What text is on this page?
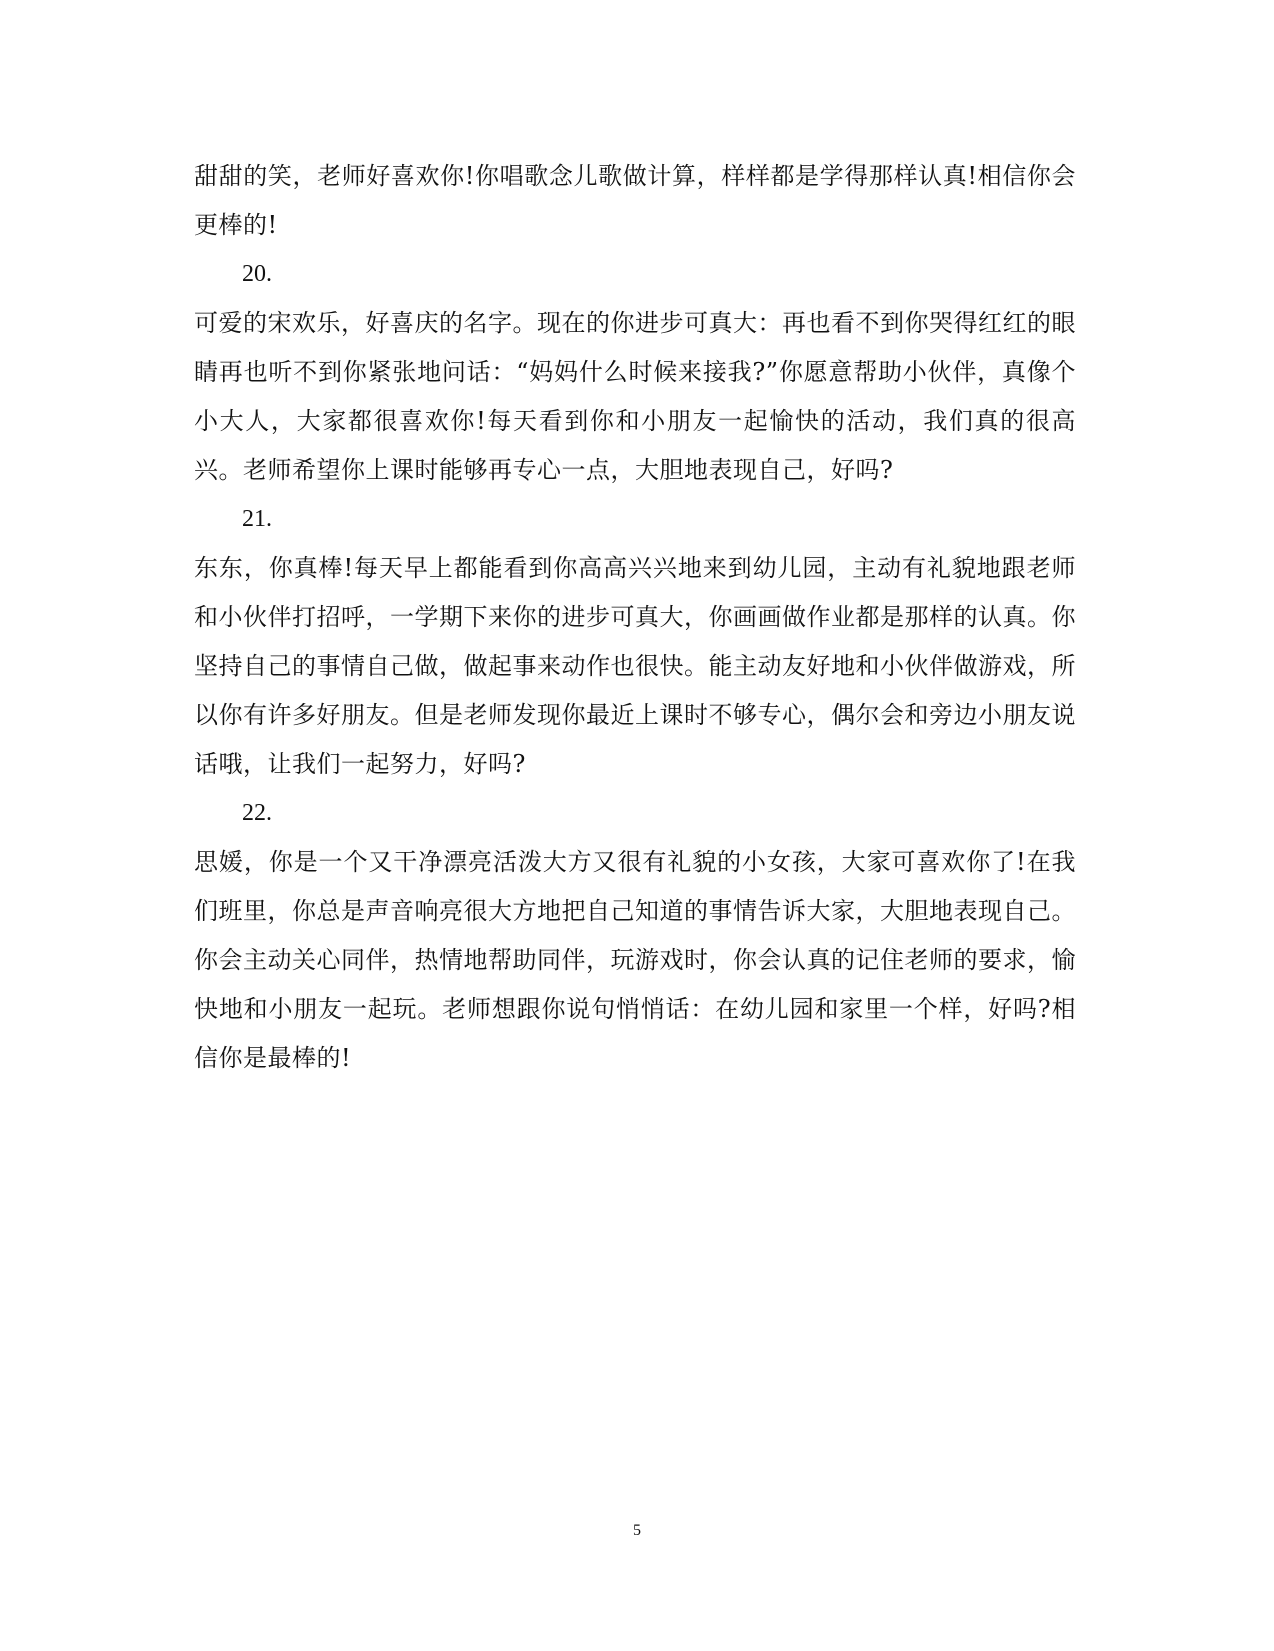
甜甜的笑，老师好喜欢你!你唱歌念儿歌做计算，样样都是学得那样认真!相信你会更棒的!

20.

可爱的宋欢乐，好喜庆的名字。现在的你进步可真大：再也看不到你哭得红红的眼睛再也听不到你紧张地问话：“妈妈什么时候来接我?”你愿意帮助小伙伴，真像个小大人，大家都很喜欢你!每天看到你和小朋友一起愉快的活动，我们真的很高兴。老师希望你上课时能够再专心一点，大胆地表现自己，好吗?

21.

东东，你真棒!每天早上都能看到你高高兴兴地来到幼儿园，主动有礼貌地跟老师和小伙伴打招呼，一学期下来你的进步可真大，你画画做作业都是那样的认真。你坚持自己的事情自己做，做起事来动作也很快。能主动友好地和小伙伴做游戏，所以你有许多好朋友。但是老师发现你最近上课时不够专心，偶尔会和旁边小朋友说话哦，让我们一起努力，好吗?

22.

思媛，你是一个又干净漂亮活泼大方又很有礼貌的小女孩，大家可喜欢你了!在我们班里，你总是声音响亮很大方地把自己知道的事情告诉大家，大胆地表现自己。你会主动关心同伴，热情地帮助同伴，玩游戏时，你会认真的记住老师的要求，愉快地和小朋友一起玩。老师想跟你说句悄悄话：在幼儿园和家里一个样，好吗?相信你是最棒的!

5
